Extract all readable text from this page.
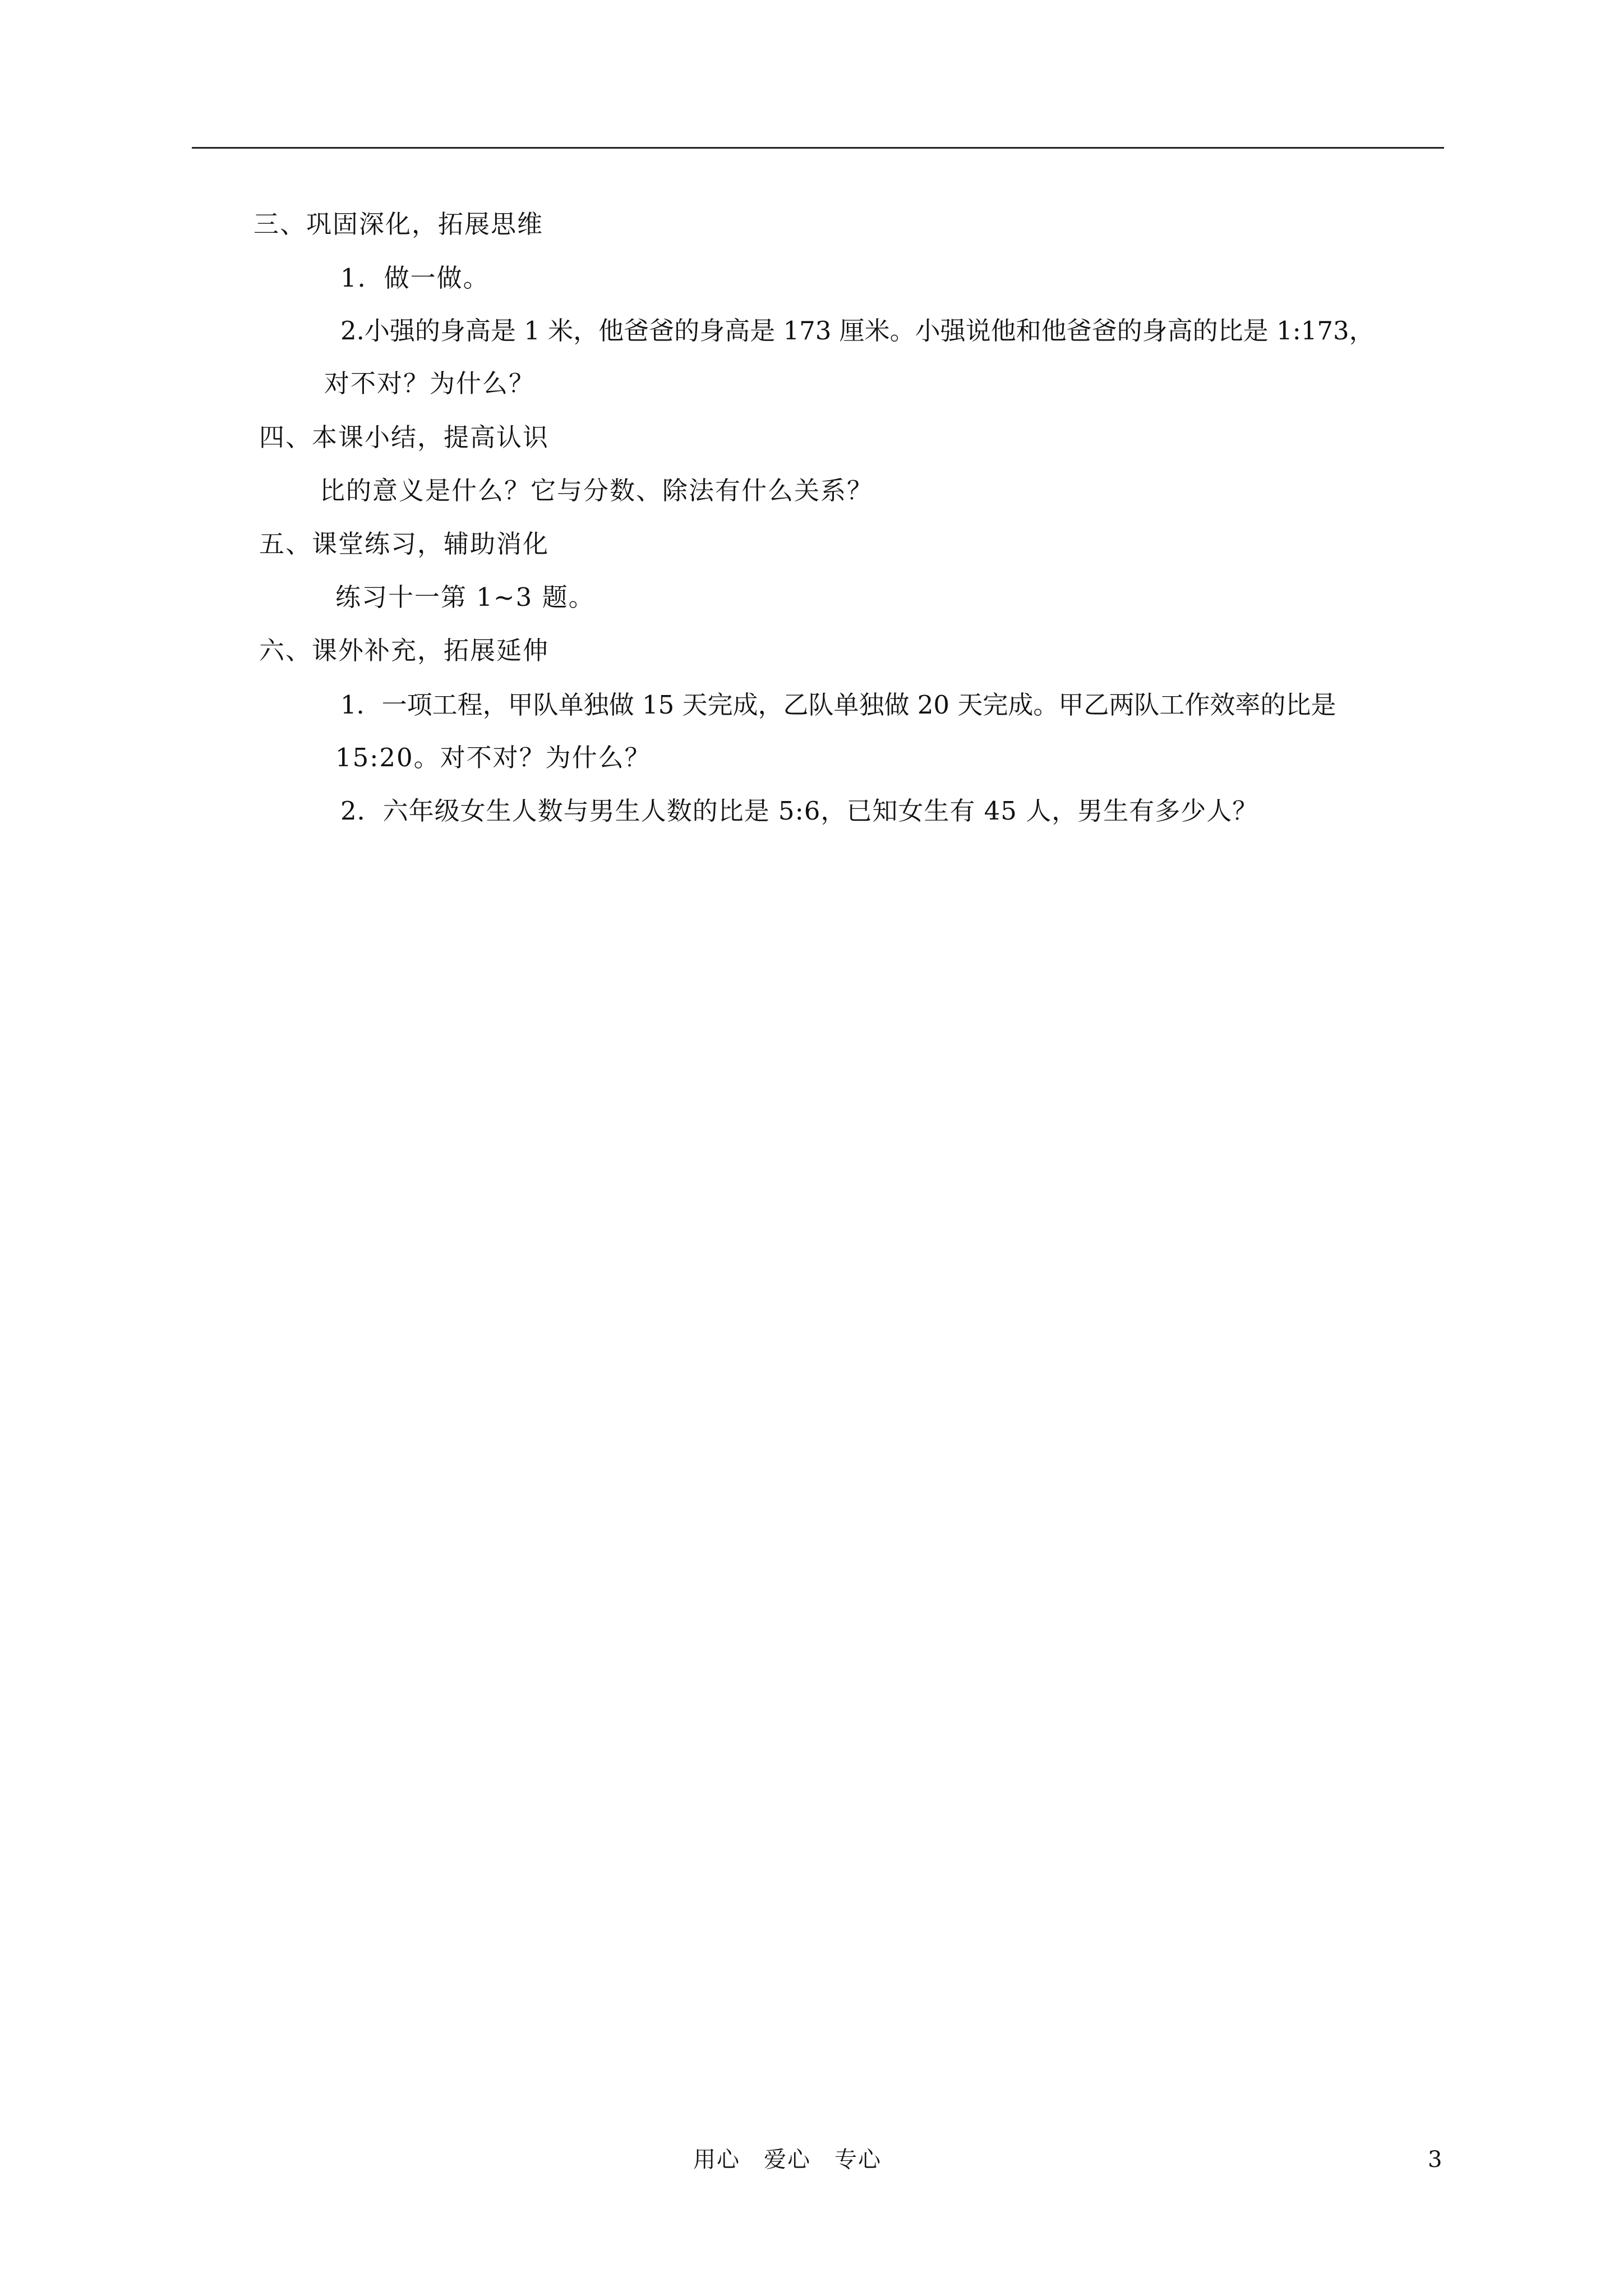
三、巩固深化，拓展思维
1．做一做。
2.小强的身高是 1 米，他爸爸的身高是 173 厘米。小强说他和他爸爸的身高的比是 1:173，
对不对？为什么？
四、本课小结，提高认识
比的意义是什么？它与分数、除法有什么关系？
五、课堂练习，辅助消化
练习十一第 1~3 题。
六、课外补充，拓展延伸
1．一项工程，甲队单独做 15 天完成，乙队单独做 20 天完成。甲乙两队工作效率的比是
15:20。对不对？为什么？
2．六年级女生人数与男生人数的比是 5:6，已知女生有 45 人，男生有多少人？
用心　爱心　专心	3
